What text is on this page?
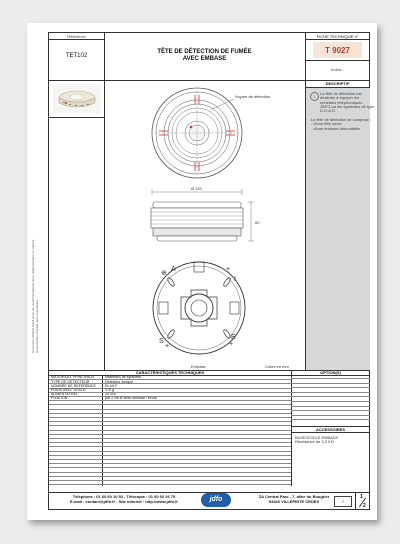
Document: Modèle établi selon les recommandations de la réglementation en vigueur. Reproduction interdite sans autorisation.
Référence
TET102
TÊTE DE DÉTECTION DE FUMÉE
AVEC EMBASE
FICHE TECHNIQUE n°
T 9027
Indice :
DESCRIPTIF
i
La tête de détection est
destinée à équiper les
centrales téléphoniques
JDFO ou les systèmes de type
D.O.A.D.
La tête de détection se compose :
- d'une tête seule
- d'une embase démontable
⊕
A	+
I
S
+	+
E
Voyant de détection
Ø 115
60
Embase	Cotes en mm
CARACTÉRISTIQUES TECHNIQUES	OPTION(S)
MATERIAUX PRINCIPAUX	Matériaux de synthèse
TYPE DE DETECTEUR	Détecteur ionique
NOMBRE DE REFERENCE	En kit F
POIDS AVEC SOCLE	170 g
ALIMENTATION	24 Vcc
FIXATION	par 2 vis Ø 4mm embase / fixum
ACCESSOIRES
BASE/SOCLE EMBASE
Résistance de 3,3 KΩ
Téléphone : 01 60 60 10 53 - Télécopie : 01 60 60 26 70
E-mail : contact@jdfo.fr - Site internet : http://www.jdfo.fr	jdfo	ZA Central Parc - 7, allée du Bougrier
93420 VILLEPINTE CEDEX	✓
1
2
